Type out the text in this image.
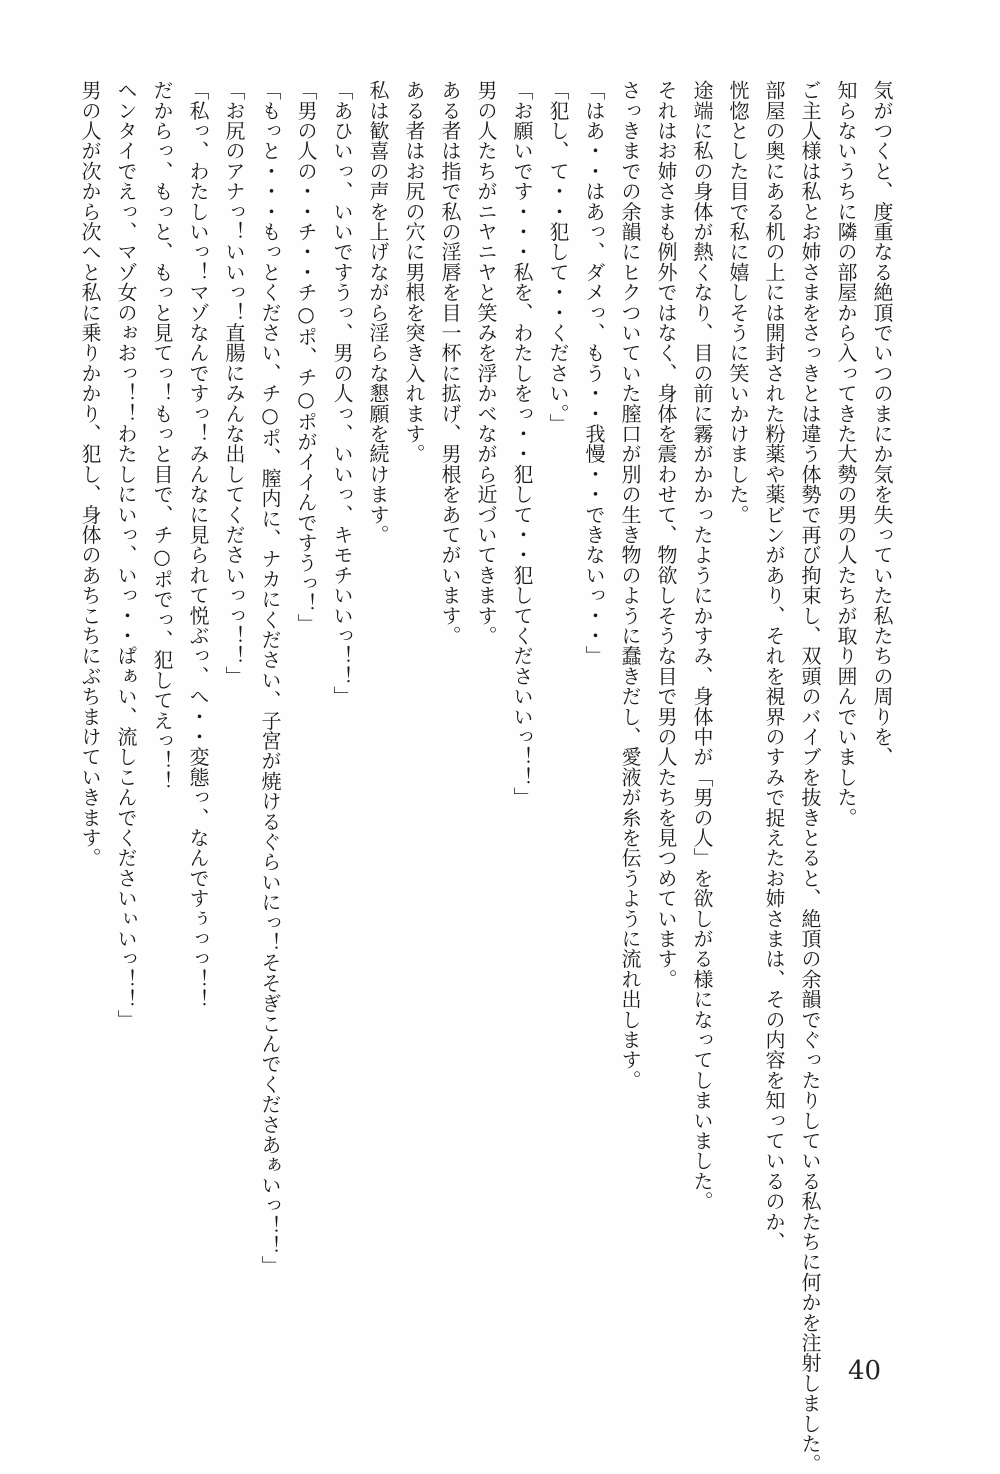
気がつくと、度重なる絶頂でいつのまにか気を失っていた私たちの周りを、

知らないうちに隣の部屋から入ってきた大勢の男の人たちが取り囲んでいました。

ご主人様は私とお姉さまをさっきとは違う体勢で再び拘束し、双頭のバイブを抜きとると、絶頂の余韻でぐったりしている私たちに何かを注射しました。

部屋の奥にある机の上には開封された粉薬や薬ビンがあり、それを視界のすみで捉えたお姉さまは、その内容を知っているのか、

恍惚とした目で私に嬉しそうに笑いかけました。

途端に私の身体が熱くなり、目の前に霧がかかったようにかすみ、身体中が「男の人」を欲しがる様になってしまいました。

それはお姉さまも例外ではなく、身体を震わせて、物欲しそうな目で男の人たちを見つめています。

さっきまでの余韻にヒクついていた膣口が別の生き物のように蠢きだし、愛液が糸を伝うように流れ出します。

「はあ・・はあっ、ダメっ、もう・・我慢・・できないっ・・」

「犯し、て・・犯して・・ください。」

「お願いです・・・私を、わたしをっ・・犯して・・犯してくださいいっ！！」

男の人たちがニヤニヤと笑みを浮かべながら近づいてきます。

ある者は指で私の淫唇を目一杯に拡げ、男根をあてがいます。

ある者はお尻の穴に男根を突き入れます。

私は歓喜の声を上げながら淫らな懇願を続けます。

「あひいっ、いいですうっ、男の人っ、いいっ、キモチいいっ！！」

「男の人の・・チ・・チ○ポ、チ○ポがイイんですうっ！」

「もっと・・・もっとください、チ○ポ、膣内に、ナカにください、子宮が焼けるぐらいにっ！そそぎこんでくださあぁいっ！！」

「お尻のアナっ！いいっ！直腸にみんな出してくださいっっ！！」

「私っ、わたしいっ！マゾなんですっ！みんなに見られて悦ぶっ、へ・・変態っ、なんですぅっっ！！

だからっ、もっと、もっと見てっ！もっと目で、チ○ポでっ、犯してえっ！！

ヘンタイでえっ、マゾ女のぉおっ！！わたしにいっ、いっ・・ぱぁい、流しこんでくださいぃいっ！！」

男の人が次から次へと私に乗りかかり、犯し、身体のあちこちにぶちまけていきます。

40
